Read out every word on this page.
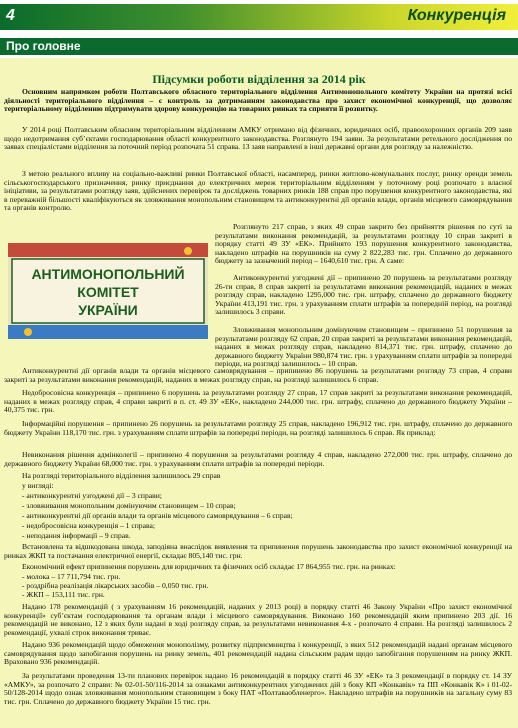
4	Конкуренція
Про головне
Підсумки роботи відділення за 2014 рік

Основним напрямком роботи Полтавського обласного територіального відділення Антимонопольного комітету України на протязі всієї діяльності територіального відділення – є контроль за дотриманням законодавства про захист економічної конкуренції, що дозволяє територіальному відділенню підтримувати здорову конкуренцію на товарних ринках та сприяти її розвитку.

У 2014 році Полтавським обласним територіальним відділенням АМКУ отримано від фізичних, юридичних осіб, правоохоронних органів 209 заяв щодо недотримання суб’єктами господарювання області конкурентного законодавства. Розглянуто 194 заяви. За результатами ретельного дослідження по заявах спеціалістами відділення за поточний період розпочата 51 справа. 13 заяв направлені в інші державні органи для розгляду за належністю.

З метою реального впливу на соціально-важливі ринки Полтавської області, насамперед, ринки житлово-комунальних послуг, ринку оренди земель сільськогосподарського призначення, ринку приєднання до електричних мереж територіальним відділенням у поточному році розпочато з власної ініціативи, за результатами розгляду заяв, здійснених перевірок та досліджень товарних ринків 188 справ про порушення конкурентного законодавства, які в переважній більшості кваліфікуються як зловживання монопольним становищем та антиконкурентні дії органів влади, органів місцевого самоврядування та органів контролю.

АНТИМОНОПОЛЬНИЙ
КОМІТЕТ
УКРАЇНИ

Розглянуто 217 справ, з яких 49 справ закрито без прийняття рішення по суті за результатами виконання рекомендацій, за результатами розгляду 10 справ закриті в порядку статті 49 ЗУ «ЕК». Прийнято 193 порушення конкурентного законодавства, накладено штрафів на порушників на суму 2 822,283 тис. грн. Сплачено до державного бюджету за зазначений період – 1640,610 тис. грн. А саме:

Антиконкурентні узгоджені дії – припинено 20 порушень за результатами розгляду 26-ти справ, 8 справ закриті за результатами виконання рекомендацій, наданих в межах розгляду справ, накладено 1295,000 тис. грн. штрафу, сплачено до державного бюджету України 413,191 тис. грн. з урахуванням сплати штрафів за попередній період, на розгляді залишилось 3 справи.

Зловживання монопольним домінуючим становищем – припинено 51 порушення за результатами розгляду 62 справ, 20 справ закриті за результатами виконання рекомендацій, наданих в межах розгляду справ, накладено 814,371 тис. грн. штрафу, сплачено до державного бюджету України 980,874 тис. грн. з урахуванням сплати штрафів за попередні періоди, на розгляді залишилось – 10 справ.

Антиконкурентні дії органів влади та органів місцевого самоврядування – припинено 86 порушень за результатами розгляду 73 справ, 4 справи закриті за результатами виконання рекомендацій, наданих в межах розгляду справ, на розгляді залишилось 6 справ.

Недобросовісна конкуренція – припинено 6 порушень за результатами розгляду 27 справ, 17 справ закриті за результатами виконання рекомендацій, наданих в межах розгляду справ, 4 справи закриті в п. ст. 49 ЗУ «ЕК», накладено 244,000 тис. грн. штрафу, сплачено до державного бюджету України – 40,375 тис. грн.

Інформаційні порушення – припинено 26 порушень за результатами розгляду 25 справ, накладено 196,912 тис. грн. штрафу, сплачено до державного бюджету України 118,170 тис. грн. з урахуванням сплати штрафів за попередні періоди, на розгляді залишилось 6 справ. Як приклад:

Невиконання рішення адмінколегії – припинено 4 порушення за результатами розгляду 4 справ, накладено 272,000 тис. грн. штрафу, сплачено до державного бюджету України 68,000 тис. грн. з урахуванням сплати штрафів за попередні періоди.

На розгляді територіального відділення залишилось 29 справ

у вигляді:

- антиконкурентні узгоджені дії – 3 справи;

- зловживання монопольним домінуючим становищем – 10 справ;

- антиконкурентні дії органів влади та органів місцевого самоврядування – 6 справ;

- недобросовісна конкуренція – 1 справа;

- неподання інформації – 9 справ.

Встановлена та відшкодована шкода, заподіяна внаслідок виявлення та припинення порушень законодавства про захист економічної конкуренції на ринках ЖКП та постачання електричної енергії, складає 805,140 тис. грн.

Економічний ефект припинення порушень для юридичних та фізичних осіб складає 17 864,955 тис. грн. на ринках:

- молока – 17 711,794 тис. грн.

- роздрібна реалізація лікарських засобів – 0,050 тис. грн.

- ЖКП – 153,111 тис. грн.

Надано 178 рекомендацій ( з урахуванням 16 рекомендацій, наданих у 2013 році) в порядку статті 46 Закону України «Про захист економічної конкуренції» суб’єктам господарювання та органам влади і місцевого самоврядування. Виконано 160 рекомендацій яким припинено 203 дії. 16 рекомендацій не виконано, 12 з яких були надані в ході розгляду справ, за результатами невиконання 4-х - розпочато 4 справи. На розгляді залишилось 2 рекомендації, ухвалі строк виконання триває.

Надано 936 рекомендацій щодо обмеження монополізму, розвитку підприємництва і конкуренції, з яких 512 рекомендацій надані органам місцевого самоврядування щодо запобігання порушень на ринку земель, 401 рекомендацій надана сільським радам щодо запобігання порушенням на ринку ЖКП. Враховано 936 рекомендацій.

За результатами проведення 13-ти планових перевірок надано 16 рекомендацій в порядку статті 46 ЗУ «ЕК» та 3 рекомендації в порядку ст. 14 ЗУ «АМКУ», за розпочато 2 справи: № 02-01-50/116-2014 за ознаками антиконкурентних узгоджених дій з боку КП «Конкавік» та ПП «Конкавік К» і 01-02-50/128-2014 щодо ознак зловживання монопольним становищем з боку ПАТ «Полтаваобленерго». Накладено штрафів на порушників на загальну суму 83 тис. грн. Сплачено до державного бюджету України 15 тис. грн.
